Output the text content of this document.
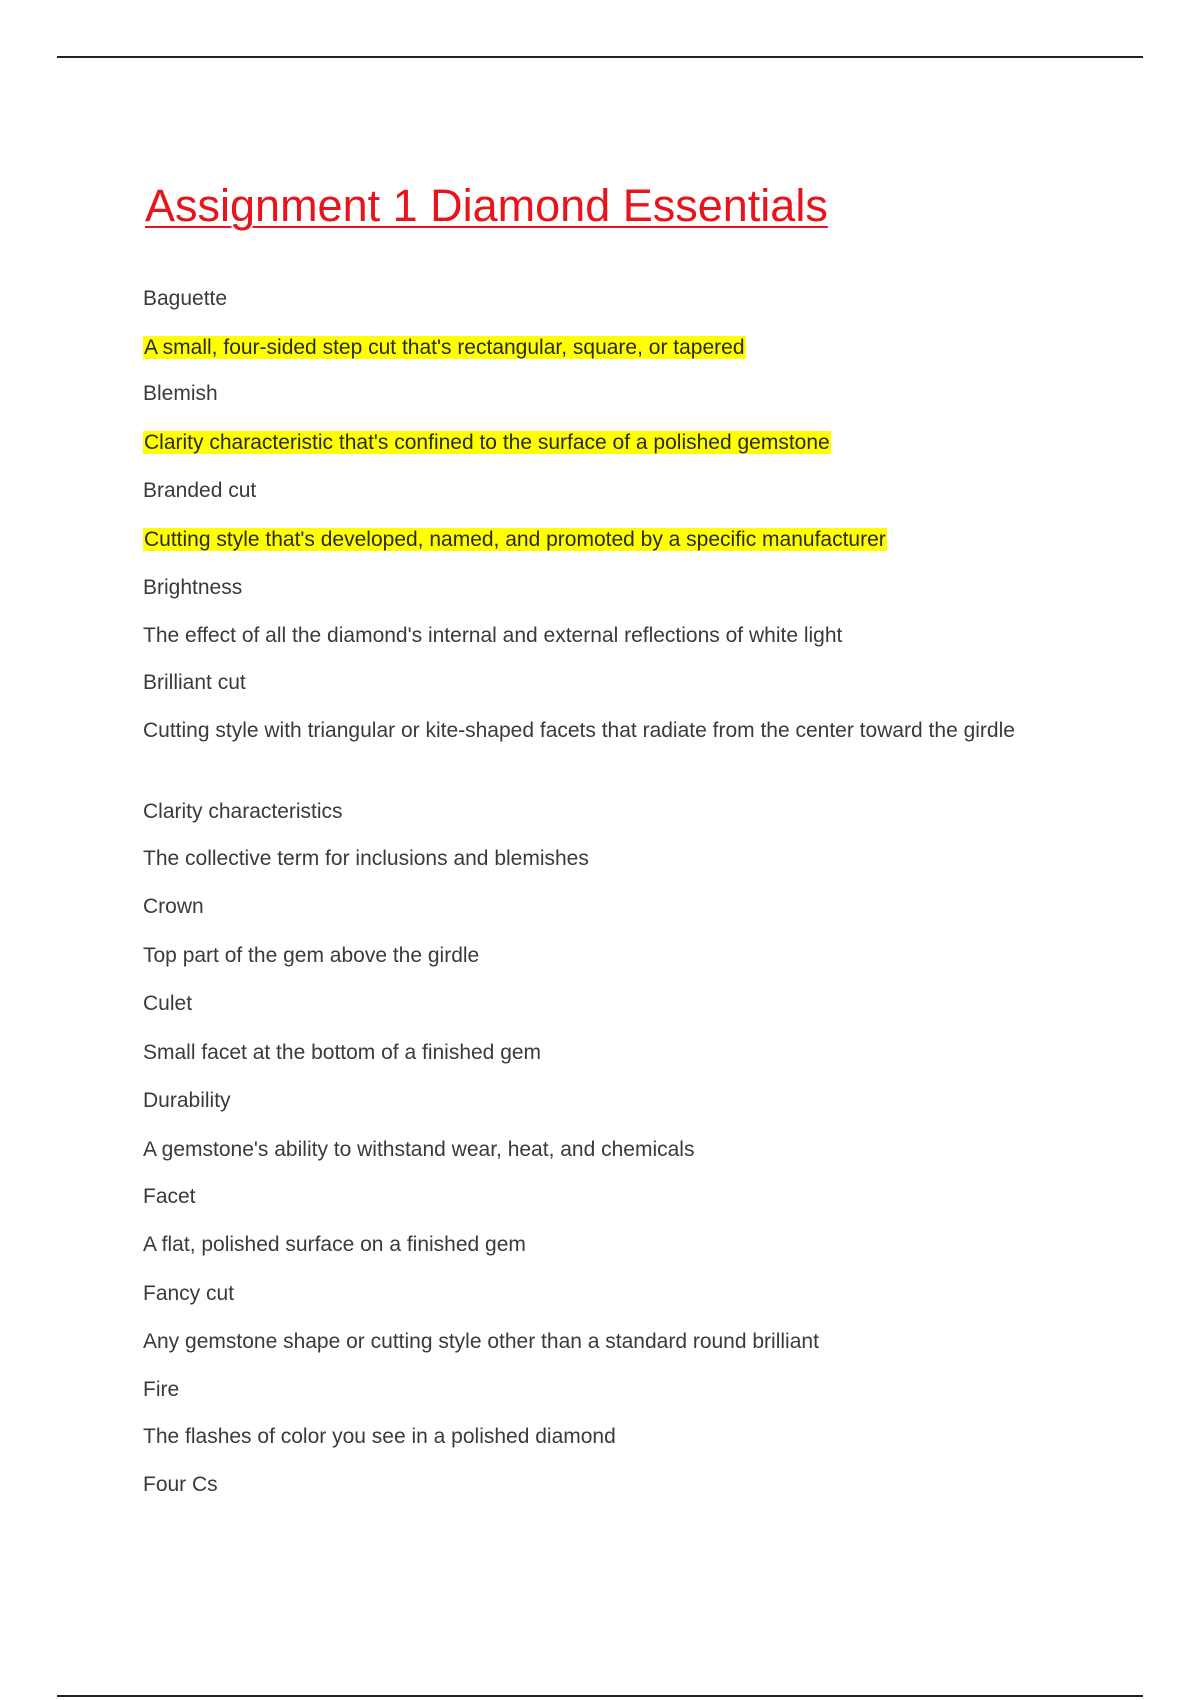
Assignment 1 Diamond Essentials

Baguette

A small, four-sided step cut that's rectangular, square, or tapered

Blemish

Clarity characteristic that's confined to the surface of a polished gemstone

Branded cut

Cutting style that's developed, named, and promoted by a specific manufacturer

Brightness

The effect of all the diamond's internal and external reflections of white light

Brilliant cut

Cutting style with triangular or kite-shaped facets that radiate from the center toward the girdle

Clarity characteristics

The collective term for inclusions and blemishes

Crown

Top part of the gem above the girdle

Culet

Small facet at the bottom of a finished gem

Durability

A gemstone's ability to withstand wear, heat, and chemicals

Facet

A flat, polished surface on a finished gem

Fancy cut

Any gemstone shape or cutting style other than a standard round brilliant

Fire

The flashes of color you see in a polished diamond

Four Cs
